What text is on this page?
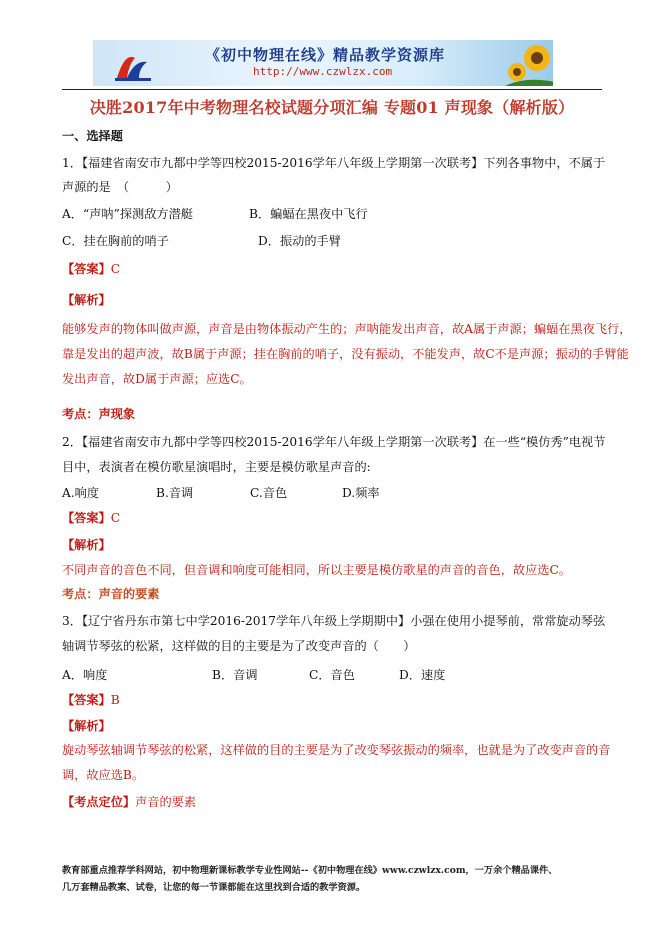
《初中物理在线》精品教学资源库
http://www.czwlzx.com
决胜2017年中考物理名校试题分项汇编 专题01 声现象（解析版）
一、选择题
1．【福建省南安市九都中学等四校2015-2016学年八年级上学期第一次联考】下列各事物中，不属于
声源的是　（　　　）
A．“声呐”探测敌方潜艇	B．蝙蝠在黑夜中飞行
C．挂在胸前的哨子	D．振动的手臂
【答案】C
【解析】
能够发声的物体叫做声源，声音是由物体振动产生的；声呐能发出声音，故A属于声源；蝙蝠在黑夜飞行，
靠是发出的超声波，故B属于声源；挂在胸前的哨子，没有振动，不能发声，故C不是声源；振动的手臂能
发出声音，故D属于声源；应选C。
考点：声现象
2．【福建省南安市九都中学等四校2015-2016学年八年级上学期第一次联考】在一些“模仿秀”电视节
目中，表演者在模仿歌星演唱时，主要是模仿歌星声音的:
A.响度	B.音调	C.音色	D.频率
【答案】C
【解析】
不同声音的音色不同，但音调和响度可能相同，所以主要是模仿歌星的声音的音色，故应选C。
考点：声音的要素
3．【辽宁省丹东市第七中学2016-2017学年八年级上学期期中】小强在使用小提琴前，常常旋动琴弦
轴调节琴弦的松紧，这样做的目的主要是为了改变声音的（　　）
A．响度	B．音调	C．音色	D．速度
【答案】B
【解析】
旋动琴弦轴调节琴弦的松紧，这样做的目的主要是为了改变琴弦振动的频率，也就是为了改变声音的音
调，故应选B。
【考点定位】声音的要素
教育部重点推荐学科网站，初中物理新课标教学专业性网站--《初中物理在线》www.czwlzx.com，一万余个精品课件、
几万套精品教案、试卷，让您的每一节课都能在这里找到合适的教学资源。
